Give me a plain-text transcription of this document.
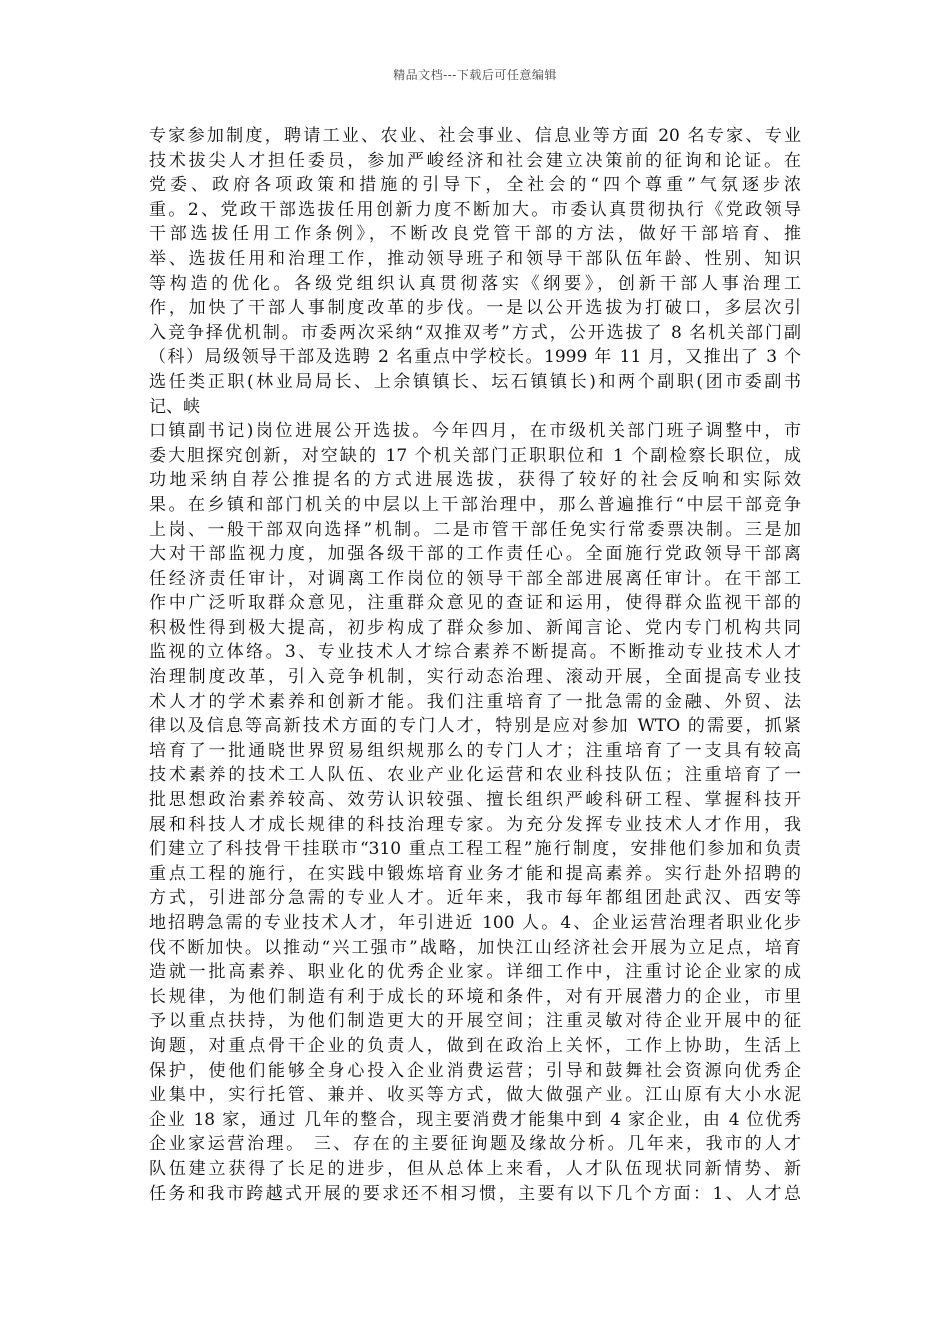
精品文档---下载后可任意编辑
专家参加制度，聘请工业、农业、社会事业、信息业等方面 20 名专家、专业
技术拔尖人才担任委员，参加严峻经济和社会建立决策前的征询和论证。在
党委、政府各项政策和措施的引导下，全社会的“四个尊重”气氛逐步浓
重。2、党政干部选拔任用创新力度不断加大。市委认真贯彻执行《党政领导
干部选拔任用工作条例》，不断改良党管干部的方法，做好干部培育、推
举、选拔任用和治理工作，推动领导班子和领导干部队伍年龄、性别、知识
等构造的优化。各级党组织认真贯彻落实《纲要》，创新干部人事治理工
作，加快了干部人事制度改革的步伐。一是以公开选拔为打破口，多层次引
入竞争择优机制。市委两次采纳“双推双考”方式，公开选拔了 8 名机关部门副
（科）局级领导干部及选聘 2 名重点中学校长。1999 年 11 月，又推出了 3 个
选任类正职(林业局局长、上余镇镇长、坛石镇镇长)和两个副职(团市委副书
记、峡
口镇副书记)岗位进展公开选拔。今年四月，在市级机关部门班子调整中，市
委大胆探究创新，对空缺的 17 个机关部门正职职位和 1 个副检察长职位，成
功地采纳自荐公推提名的方式进展选拔，获得了较好的社会反响和实际效
果。在乡镇和部门机关的中层以上干部治理中，那么普遍推行“中层干部竞争
上岗、一般干部双向选择”机制。二是市管干部任免实行常委票决制。三是加
大对干部监视力度，加强各级干部的工作责任心。全面施行党政领导干部离
任经济责任审计，对调离工作岗位的领导干部全部进展离任审计。在干部工
作中广泛听取群众意见，注重群众意见的查证和运用，使得群众监视干部的
积极性得到极大提高，初步构成了群众参加、新闻言论、党内专门机构共同
监视的立体络。3、专业技术人才综合素养不断提高。不断推动专业技术人才
治理制度改革，引入竞争机制，实行动态治理、滚动开展，全面提高专业技
术人才的学术素养和创新才能。我们注重培育了一批急需的金融、外贸、法
律以及信息等高新技术方面的专门人才，特别是应对参加 WTO 的需要，抓紧
培育了一批通晓世界贸易组织规那么的专门人才；注重培育了一支具有较高
技术素养的技术工人队伍、农业产业化运营和农业科技队伍；注重培育了一
批思想政治素养较高、效劳认识较强、擅长组织严峻科研工程、掌握科技开
展和科技人才成长规律的科技治理专家。为充分发挥专业技术人才作用，我
们建立了科技骨干挂联市“310 重点工程工程”施行制度，安排他们参加和负责
重点工程的施行，在实践中锻炼培育业务才能和提高素养。实行赴外招聘的
方式，引进部分急需的专业人才。近年来，我市每年都组团赴武汉、西安等
地招聘急需的专业技术人才，年引进近 100 人。4、企业运营治理者职业化步
伐不断加快。以推动“兴工强市”战略，加快江山经济社会开展为立足点，培育
造就一批高素养、职业化的优秀企业家。详细工作中，注重讨论企业家的成
长规律，为他们制造有利于成长的环境和条件，对有开展潜力的企业，市里
予以重点扶持，为他们制造更大的开展空间；注重灵敏对待企业开展中的征
询题，对重点骨干企业的负责人，做到在政治上关怀，工作上协助，生活上
保护，使他们能够全身心投入企业消费运营；引导和鼓舞社会资源向优秀企
业集中，实行托管、兼并、收买等方式，做大做强产业。江山原有大小水泥
企业 18 家，通过 几年的整合，现主要消费才能集中到 4 家企业，由 4 位优秀
企业家运营治理。 三、存在的主要征询题及缘故分析。几年来，我市的人才
队伍建立获得了长足的进步，但从总体上来看，人才队伍现状同新情势、新
任务和我市跨越式开展的要求还不相习惯，主要有以下几个方面：1、人才总
